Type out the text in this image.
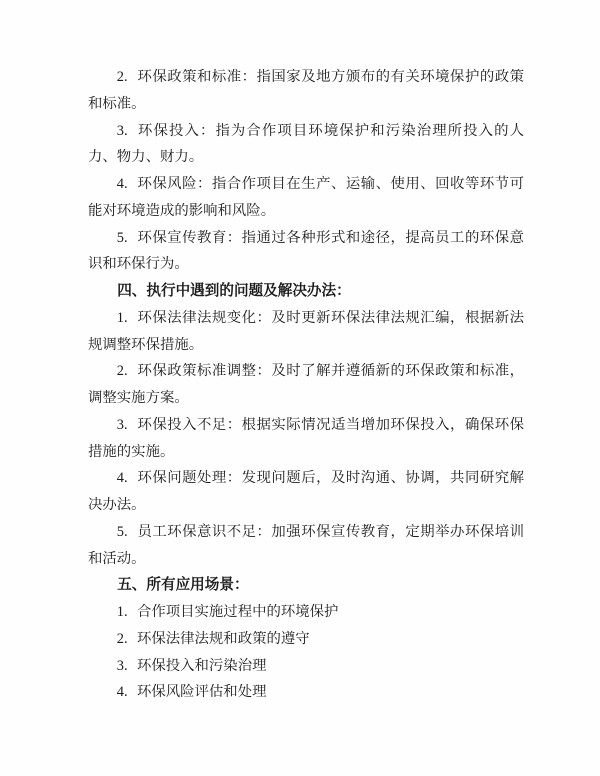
2. 环保政策和标准：指国家及地方颁布的有关环境保护的政策和标准。

3. 环保投入：指为合作项目环境保护和污染治理所投入的人力、物力、财力。

4. 环保风险：指合作项目在生产、运输、使用、回收等环节可能对环境造成的影响和风险。

5. 环保宣传教育：指通过各种形式和途径，提高员工的环保意识和环保行为。

四、执行中遇到的问题及解决办法：

1. 环保法律法规变化：及时更新环保法律法规汇编，根据新法规调整环保措施。

2. 环保政策标准调整：及时了解并遵循新的环保政策和标准，调整实施方案。

3. 环保投入不足：根据实际情况适当增加环保投入，确保环保措施的实施。

4. 环保问题处理：发现问题后，及时沟通、协调，共同研究解决办法。

5. 员工环保意识不足：加强环保宣传教育，定期举办环保培训和活动。

五、所有应用场景：

1. 合作项目实施过程中的环境保护

2. 环保法律法规和政策的遵守

3. 环保投入和污染治理

4. 环保风险评估和处理
